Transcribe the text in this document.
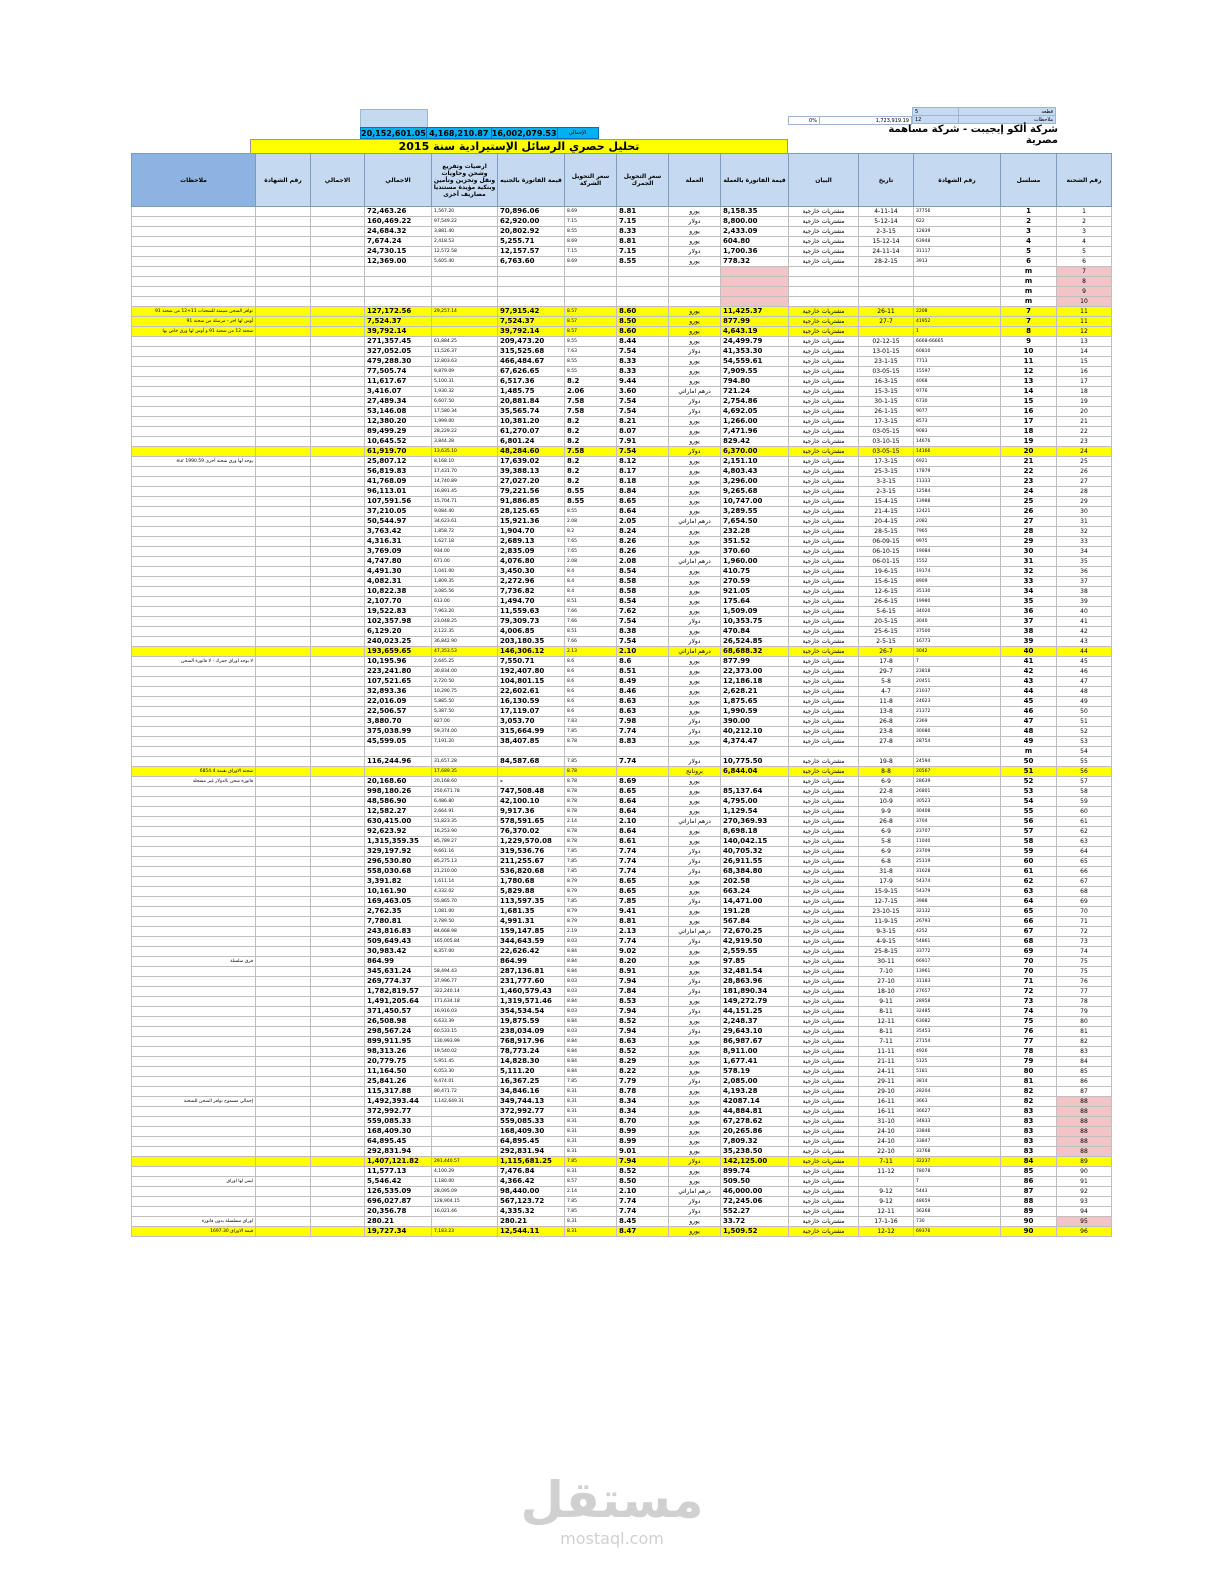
5	قطعه
12	ملاحظات
0%	1,723,919.19
شركة ألكو إيجيبت - شركة مساهمة مصرية
20,152,601.05	4,168,210.87	16,002,079.53	الإجمالي
تحليل حصري الرسائل الإستيرادية سنة 2015
رقم الشحنة	مسلسل	رقم الشهادة	تاريخ	البيان	قيمة الفاتورة بالعملة	العملة	سعر التحويل الجمرك	سعر التحويل الشركة	قيمة الفاتورة بالجنيه	ارضيات وتفريغ وشحن وحاويات ونقل وتخزين وتأمين وبنكية مؤيدة مستنديا مصاريف أخرى	الاجمالي	الاجمالي	رقم الشهادة	ملاحظات
1	1	37756	4-11-14	مشتريات خارجية	8,158.35	يورو	8.81	8.69	70,896.06	1,567.20	72,463.26			
2	2	622	5-12-14	مشتريات خارجية	8,800.00	دولار	7.15	7.15	62,920.00	97,549.22	160,469.22			
3	3	12839	2-3-15	مشتريات خارجية	2,433.09	يورو	8.33	8.55	20,802.92	3,881.40	24,684.32			
4	4	63948	15-12-14	مشتريات خارجية	604.80	يورو	8.81	8.69	5,255.71	2,418.53	7,674.24			
5	5	31117	24-11-14	مشتريات خارجية	1,700.36	دولار	7.15	7.15	12,157.57	12,572.58	24,730.15			
6	6	3913	28-2-15	مشتريات خارجية	778.32	يورو	8.55	8.69	6,763.60	5,605.40	12,369.00			
7	m													
8	m													
9	m													
10	m													
11	7	2208	26-11	مشتريات خارجية	11,425.37	يورو	8.60	8.57	97,915.42	29,257.14	127,172.56			توافر الشحن سيمنة للشحنات 11+12 من شحنة 91
11	7	41952	27-7	مشتريات خارجية	877.99	يورو	8.50	8.57	7,524.37		7,524.37			أوس لها اخر - مرسلة من شحنة 91
12	8	1		مشتريات خارجية	4,643.19	يورو	8.60	8.57	39,792.14		39,792.14			شحنة 12 من شحنة 91 و أوس لها ورق خاص بها
13	9	6668-66665	02-12-15	مشتريات خارجية	24,499.79	يورو	8.44	8.55	209,473.20	61,884.25	271,357.45			
14	10	60810	13-01-15	مشتريات خارجية	41,353.30	دولار	7.54	7.63	315,525.68	11,526.37	327,052.05			
15	11	7713	23-1-15	مشتريات خارجية	54,559.61	يورو	8.33	8.55	466,484.67	12,803.63	479,288.30			
16	12	15597	03-05-15	مشتريات خارجية	7,909.55	يورو	8.33	8.55	67,626.65	9,879.09	77,505.74			
17	13	4068	16-3-15	مشتريات خارجية	794.80	يورو	9.44	8.2	6,517.36	5,100.31	11,617.67			
18	14	9776	15-3-15	مشتريات خارجية	721.24	درهم اماراتي	3.60	2.06	1,485.75	1,930.32	3,416.07			
19	15	6730	30-1-15	مشتريات خارجية	2,754.86	دولار	7.54	7.58	20,881.84	6,607.50	27,489.34			
20	16	9077	26-1-15	مشتريات خارجية	4,692.05	دولار	7.54	7.58	35,565.74	17,580.34	53,146.08			
21	17	8573	17-3-15	مشتريات خارجية	1,266.00	يورو	8.21	8.2	10,381.20	1,999.00	12,380.20			
22	18	9083	03-05-15	مشتريات خارجية	7,471.96	يورو	8.07	8.2	61,270.07	28,229.22	89,499.29			
23	19	14676	03-10-15	مشتريات خارجية	829.42	يورو	7.91	8.2	6,801.24	3,844.28	10,645.52			
24	20	14166	03-05-15	مشتريات خارجية	6,370.00	دولار	7.54	7.58	48,284.60	13,635.10	61,919.70			
25	21	6921	17-3-15	مشتريات خارجية	2,151.10	يورو	8.12	8.2	17,639.02	8,168.10	25,807.12			يوجد لها ورق شحنة أخرى 1990.59 eur
26	22	17879	25-3-15	مشتريات خارجية	4,803.43	يورو	8.17	8.2	39,388.13	17,431.70	56,819.83			
27	23	11333	3-3-15	مشتريات خارجية	3,296.00	يورو	8.18	8.2	27,027.20	14,740.89	41,768.09			
28	24	12584	2-3-15	مشتريات خارجية	9,265.68	يورو	8.84	8.55	79,221.56	16,891.45	96,113.01			
29	25	13988	15-4-15	مشتريات خارجية	10,747.00	يورو	8.65	8.55	91,886.85	15,704.71	107,591.56			
30	26	12421	21-4-15	مشتريات خارجية	3,289.55	يورو	8.64	8.55	28,125.65	9,084.40	37,210.05			
31	27	2082	20-4-15	مشتريات خارجية	7,654.50	درهم اماراتي	2.05	2.08	15,921.36	34,623.61	50,544.97			
32	28	7965	28-5-15	مشتريات خارجية	232.28	يورو	8.24	8.2	1,904.70	1,858.72	3,763.42			
33	29	9975	06-09-15	مشتريات خارجية	351.52	يورو	8.26	7.65	2,689.13	1,627.18	4,316.31			
34	30	19084	06-10-15	مشتريات خارجية	370.60	يورو	8.26	7.65	2,835.09	934.00	3,769.09			
35	31	1552	06-01-15	مشتريات خارجية	1,960.00	درهم اماراتي	2.08	2.08	4,076.80	671.00	4,747.80			
36	32	19174	19-6-15	مشتريات خارجية	410.75	يورو	8.54	8.4	3,450.30	1,041.00	4,491.30			
37	33	8909	15-6-15	مشتريات خارجية	270.59	يورو	8.58	8.4	2,272.96	1,809.35	4,082.31			
38	34	35130	12-6-15	مشتريات خارجية	921.05	يورو	8.58	8.4	7,736.82	3,085.56	10,822.38			
39	35	19980	26-6-15	مشتريات خارجية	175.64	يورو	8.54	8.51	1,494.70	613.00	2,107.70			
40	36	34020	5-6-15	مشتريات خارجية	1,509.09	يورو	7.62	7.66	11,559.63	7,963.20	19,522.83			
41	37	3040	20-5-15	مشتريات خارجية	10,353.75	دولار	7.54	7.66	79,309.73	23,048.25	102,357.98			
42	38	37500	25-6-15	مشتريات خارجية	470.84	يورو	8.38	8.51	4,006.85	2,122.35	6,129.20			
43	39	16773	2-5-15	مشتريات خارجية	26,524.85	دولار	7.54	7.66	203,180.35	36,842.90	240,023.25			
44	40	3042	26-7	مشتريات خارجية	68,688.32	درهم اماراتي	2.10	2.13	146,306.12	47,353.53	193,659.65			
45	41	7	17-8	مشتريات خارجية	877.99	يورو	8.6	8.6	7,550.71	2,645.25	10,195.96			لا يوجد اوراق جمرك - لا فاتورة الشحن
46	42	23818	29-7	مشتريات خارجية	22,373.00	يورو	8.51	8.6	192,407.80	30,834.00	223,241.80			
47	43	20451	5-8	مشتريات خارجية	12,186.18	يورو	8.49	8.6	104,801.15	2,720.50	107,521.65			
48	44	21037	4-7	مشتريات خارجية	2,628.21	يورو	8.46	8.6	22,602.61	10,290.75	32,893.36			
49	45	24623	11-8	مشتريات خارجية	1,875.65	يورو	8.63	8.6	16,130.59	5,885.50	22,016.09			
50	46	21372	13-8	مشتريات خارجية	1,990.59	يورو	8.63	8.6	17,119.07	5,387.50	22,506.57			
51	47	2369	26-8	مشتريات خارجية	390.00	دولار	7.98	7.83	3,053.70	827.00	3,880.70			
52	48	30080	23-8	مشتريات خارجية	40,212.10	دولار	7.74	7.85	315,664.99	59,374.00	375,038.99			
53	49	28754	27-8	مشتريات خارجية	4,374.47	يورو	8.83	8.78	38,407.85	7,191.20	45,599.05			
54	m													
55	50	24594	19-8	مشتريات خارجية	10,775.50	دولار	7.74	7.85	84,587.68	31,657.28	116,244.96			
56	51	20567	8-8	مشتريات خارجية	6,844.04	برونانج		8.78		17,689.35				شحنة الاوراق بقيمة 6854.4
57	52	28639	6-9	مشتريات خارجية		يورو	8.69	8.78	-	20,168.60	20,168.60			فاتورة شحن بالدولار غير مسجلة
58	53	26801	22-8	مشتريات خارجية	85,137.64	يورو	8.65	8.78	747,508.48	250,671.78	998,180.26			
59	54	30523	10-9	مشتريات خارجية	4,795.00	يورو	8.64	8.78	42,100.10	6,486.80	48,586.90			
60	55	30408	9-9	مشتريات خارجية	1,129.54	يورو	8.64	8.78	9,917.36	2,664.91	12,582.27			
61	56	3704	26-8	مشتريات خارجية	270,369.93	درهم اماراتي	2.10	2.14	578,591.65	51,823.35	630,415.00			
62	57	23707	6-9	مشتريات خارجية	8,698.18	يورو	8.64	8.78	76,370.02	16,253.90	92,623.92			
63	58	11040	5-8	مشتريات خارجية	140,042.15	يورو	8.61	8.78	1,229,570.08	85,789.27	1,315,359.35			
64	59	23709	6-9	مشتريات خارجية	40,705.32	دولار	7.74	7.85	319,536.76	9,661.16	329,197.92			
65	60	25119	6-8	مشتريات خارجية	26,911.55	دولار	7.74	7.85	211,255.67	85,275.13	296,530.80			
66	61	31628	31-8	مشتريات خارجية	68,384.80	دولار	7.74	7.85	536,820.68	21,210.00	558,030.68			
67	62	54374	17-9	مشتريات خارجية	202.58	يورو	8.65	8.79	1,780.68	1,611.14	3,391.82			
68	63	54379	15-9-15	مشتريات خارجية	663.24	يورو	8.65	8.79	5,829.88	4,332.02	10,161.90			
69	64	3988	12-7-15	مشتريات خارجية	14,471.00	دولار	7.85	7.85	113,597.35	55,865.70	169,463.05			
70	65	32132	23-10-15	مشتريات خارجية	191.28	يورو	9.41	8.79	1,681.35	1,081.00	2,762.35			
71	66	26793	11-9-15	مشتريات خارجية	567.84	يورو	8.81	8.79	4,991.31	2,789.50	7,780.81			
72	67	4252	9-3-15	مشتريات خارجية	72,670.25	درهم اماراتي	2.13	2.19	159,147.85	84,668.98	243,816.83			
73	68	54861	4-9-15	مشتريات خارجية	42,919.50	دولار	7.74	8.03	344,643.59	165,005.84	509,649.43			
74	69	33772	25-8-15	مشتريات خارجية	2,559.55	يورو	9.02	8.84	22,626.42	8,357.00	30,983.42			
75	70	66917	30-11	مشتريات خارجية	97.85	يورو	8.20	8.84	864.99		864.99			فرق سلسلة
75	70	13961	7-10	مشتريات خارجية	32,481.54	يورو	8.91	8.84	287,136.81	58,494.43	345,631.24			
76	71	31183	27-10	مشتريات خارجية	28,863.96	دولار	7.94	8.03	231,777.60	37,996.77	269,774.37			
77	72	27657	18-10	مشتريات خارجية	181,890.34	دولار	7.84	8.03	1,460,579.43	322,240.14	1,782,819.57			
78	73	28958	9-11	مشتريات خارجية	149,272.79	يورو	8.53	8.84	1,319,571.46	171,634.18	1,491,205.64			
79	74	32485	8-11	مشتريات خارجية	44,151.25	دولار	7.94	8.03	354,534.54	16,916.03	371,450.57			
80	75	63082	12-11	مشتريات خارجية	2,248.37	يورو	8.52	8.84	19,875.59	6,633.39	26,508.98			
81	76	35453	8-11	مشتريات خارجية	29,643.10	دولار	7.94	8.03	238,034.09	60,533.15	298,567.24			
82	77	27154	7-11	مشتريات خارجية	86,987.67	يورو	8.63	8.84	768,917.96	130,993.99	899,911.95			
83	78	4926	11-11	مشتريات خارجية	8,911.00	يورو	8.52	8.84	78,773.24	19,540.02	98,313.26			
84	79	5125	21-11	مشتريات خارجية	1,677.41	يورو	8.29	8.84	14,828.30	5,951.45	20,779.75			
85	80	5181	24-11	مشتريات خارجية	578.19	يورو	8.22	8.84	5,111.20	6,053.30	11,164.50			
86	81	3814	29-11	مشتريات خارجية	2,085.00	دولار	7.79	7.85	16,367.25	9,474.01	25,841.26			
87	82	28204	29-10	مشتريات خارجية	4,193.28	يورو	8.78	8.31	34,846.16	80,471.72	115,317.88			
88	82	3663	16-11	مشتريات خارجية	42087.14	يورو	8.34	8.31	349,744.13	1,142,649.31	1,492,393.44			إجمالي مسموح توافر الشحن للشحنة
88	83	36627	16-11	مشتريات خارجية	44,884.81	يورو	8.34	8.31	372,992.77		372,992.77			
88	83	34833	31-10	مشتريات خارجية	67,278.62	يورو	8.70	8.31	559,085.33		559,085.33			
88	83	33846	24-10	مشتريات خارجية	20,265.86	يورو	8.99	8.31	168,409.30		168,409.30			
88	83	33847	24-10	مشتريات خارجية	7,809.32	يورو	8.99	8.31	64,895.45		64,895.45			
88	83	33768	22-10	مشتريات خارجية	35,238.50	يورو	9.01	8.31	292,831.94		292,831.94			
89	84	32237	7-11	مشتريات خارجية	142,125.00	دولار	7.94	7.85	1,115,681.25	291,440.57	1,407,121.82			
90	85	78078	11-12	مشتريات خارجية	899.74	يورو	8.52	8.31	7,476.84	4,100.29	11,577.13			
91	86	7		مشتريات خارجية	509.50	يورو	8.50	8.57	4,366.42	1,180.00	5,546.42			ليس لها اوراق
92	87	5443	9-12	مشتريات خارجية	46,000.00	درهم اماراتي	2.10	2.14	98,440.00	28,095.09	126,535.09			
93	88	48659	9-12	مشتريات خارجية	72,245.06	دولار	7.74	7.85	567,123.72	128,904.15	696,027.87			
94	89	36268	12-11	مشتريات خارجية	552.27	دولار	7.74	7.85	4,335.32	16,021.46	20,356.78			
95	90	730	17-1-16	مشتريات خارجية	33.72	يورو	8.45	8.31	280.21		280.21			اوراق مسلسلة بدون فاتورة
96	90	69376	12-12	مشتريات خارجية	1,509.52	يورو	8.47	8.31	12,544.11	7,183.23	19,727.34			قيمة الاوراق 1697.30
مستقل
mostaql.com
